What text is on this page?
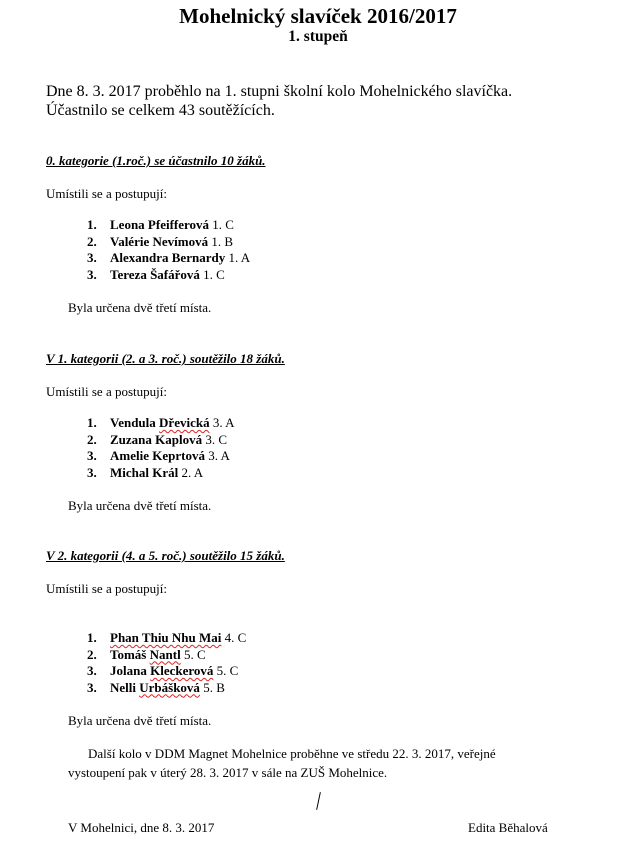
Mohelnický slavíček 2016/2017
1. stupeň
Dne 8. 3. 2017 proběhlo na 1. stupni školní kolo Mohelnického slavíčka.
Účastnilo se celkem 43 soutěžících.
0. kategorie (1.roč.) se účastnilo 10 žáků.
Umístili se a postupují:
1. Leona Pfeifferová 1. C
2. Valérie Nevímová 1. B
3. Alexandra Bernardy 1. A
3. Tereza Šafářová 1. C
Byla určena dvě třetí místa.
V 1. kategorii (2. a 3. roč.) soutěžilo 18 žáků.
Umístili se a postupují:
1. Vendula Dřevická 3. A
2. Zuzana Kaplová 3. C
3. Amelie Keprtová 3. A
3. Michal Král 2. A
Byla určena dvě třetí místa.
V 2. kategorii (4. a 5. roč.) soutěžilo 15 žáků.
Umístili se a postupují:
1. Phan Thiu Nhu Mai 4. C
2. Tomáš Nantl 5. C
3. Jolana Kleckerová 5. C
3. Nelli Urbášková 5. B
Byla určena dvě třetí místa.
Další kolo v DDM Magnet Mohelnice proběhne ve středu 22. 3. 2017, veřejné
vystoupení pak v úterý 28. 3. 2017 v sále na ZUŠ Mohelnice.
V Mohelnici, dne 8. 3. 2017	Edita Běhalová
